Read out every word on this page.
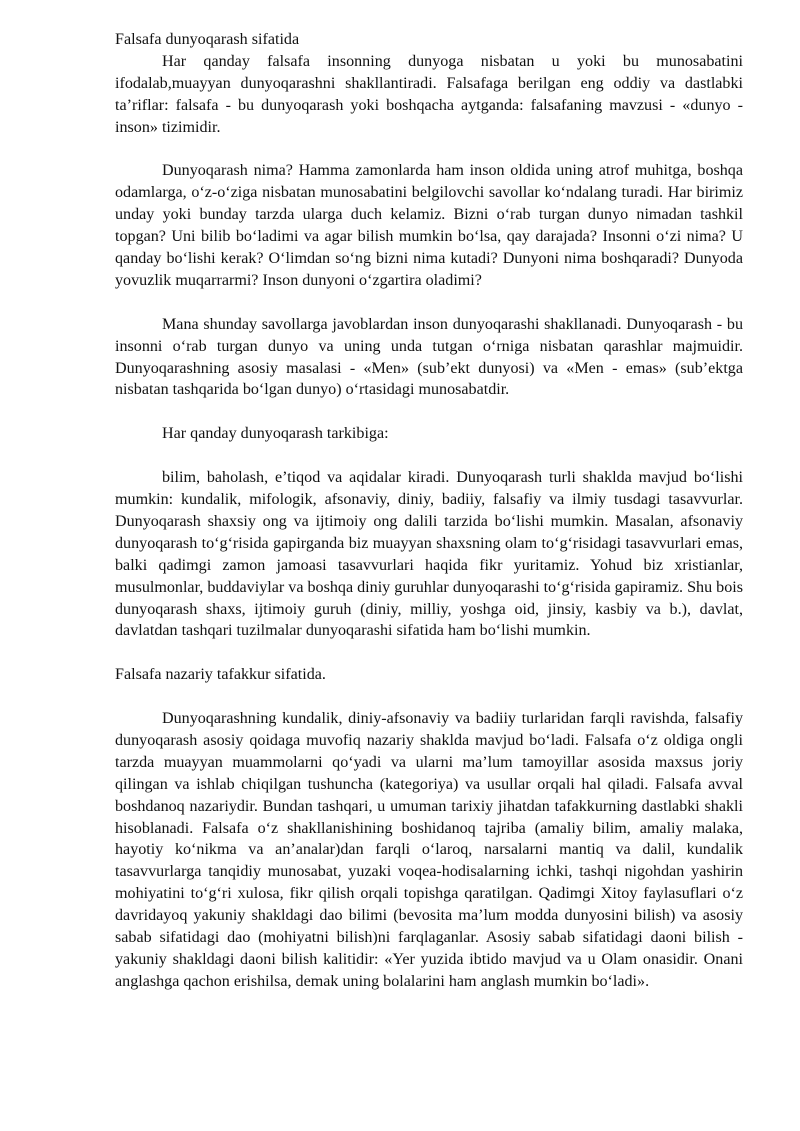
Falsafa dunyoqarash sifatida

Har qanday falsafa insonning dunyoga nisbatan u yoki bu munosabatini ifodalab,muayyan dunyoqarashni shakllantiradi. Falsafaga berilgan eng oddiy va dastlabki ta’riflar: falsafa - bu dunyoqarash yoki boshqacha aytganda: falsafaning mavzusi - «dunyo - inson» tizimidir.

Dunyoqarash nima? Hamma zamonlarda ham inson oldida uning atrof muhitga, boshqa odamlarga, o‘z-o‘ziga nisbatan munosabatini belgilovchi savollar ko‘ndalang turadi. Har birimiz unday yoki bunday tarzda ularga duch kelamiz. Bizni o‘rab turgan dunyo nimadan tashkil topgan? Uni bilib bo‘ladimi va agar bilish mumkin bo‘lsa, qay darajada? Insonni o‘zi nima? U qanday bo‘lishi kerak? O‘limdan so‘ng bizni nima kutadi? Dunyoni nima boshqaradi? Dunyoda yovuzlik muqarrarmi? Inson dunyoni o‘zgartira oladimi?

Mana shunday savollarga javoblardan inson dunyoqarashi shakllanadi. Dunyoqarash - bu insonni o‘rab turgan dunyo va uning unda tutgan o‘rniga nisbatan qarashlar majmuidir. Dunyoqarashning asosiy masalasi - «Men» (sub’ekt dunyosi) va «Men - emas» (sub’ektga nisbatan tashqarida bo‘lgan dunyo) o‘rtasidagi munosabatdir.

Har qanday dunyoqarash tarkibiga:

bilim, baholash, e’tiqod va aqidalar kiradi. Dunyoqarash turli shaklda mavjud bo‘lishi mumkin: kundalik, mifologik, afsonaviy, diniy, badiiy, falsafiy va ilmiy tusdagi tasavvurlar. Dunyoqarash shaxsiy ong va ijtimoiy ong dalili tarzida bo‘lishi mumkin. Masalan, afsonaviy dunyoqarash to‘g‘risida gapirganda biz muayyan shaxsning olam to‘g‘risidagi tasavvurlari emas, balki qadimgi zamon jamoasi tasavvurlari haqida fikr yuritamiz. Yohud biz xristianlar, musulmonlar, buddaviylar va boshqa diniy guruhlar dunyoqarashi to‘g‘risida gapiramiz. Shu bois dunyoqarash shaxs, ijtimoiy guruh (diniy, milliy, yoshga oid, jinsiy, kasbiy va b.), davlat, davlatdan tashqari tuzilmalar dunyoqarashi sifatida ham bo‘lishi mumkin.

Falsafa nazariy tafakkur sifatida.

Dunyoqarashning kundalik, diniy-afsonaviy va badiiy turlaridan farqli ravishda, falsafiy dunyoqarash asosiy qoidaga muvofiq nazariy shaklda mavjud bo‘ladi. Falsafa o‘z oldiga ongli tarzda muayyan muammolarni qo‘yadi va ularni ma’lum tamoyillar asosida maxsus joriy qilingan va ishlab chiqilgan tushuncha (kategoriya) va usullar orqali hal qiladi. Falsafa avval boshdanoq nazariydir. Bundan tashqari, u umuman tarixiy jihatdan tafakkurning dastlabki shakli hisoblanadi. Falsafa o‘z shakllanishining boshidanoq tajriba (amaliy bilim, amaliy malaka, hayotiy ko‘nikma va an’analar)dan farqli o‘laroq, narsalarni mantiq va dalil, kundalik tasavvurlarga tanqidiy munosabat, yuzaki voqea-hodisalarning ichki, tashqi nigohdan yashirin mohiyatini to‘g‘ri xulosa, fikr qilish orqali topishga qaratilgan. Qadimgi Xitoy faylasuflari o‘z davridayoq yakuniy shakldagi dao bilimi (bevosita ma’lum modda dunyosini bilish) va asosiy sabab sifatidagi dao (mohiyatni bilish)ni farqlaganlar. Asosiy sabab sifatidagi daoni bilish - yakuniy shakldagi daoni bilish kalitidir: «Yer yuzida ibtido mavjud va u Olam onasidir. Onani anglashga qachon erishilsa, demak uning bolalarini ham anglash mumkin bo‘ladi».
